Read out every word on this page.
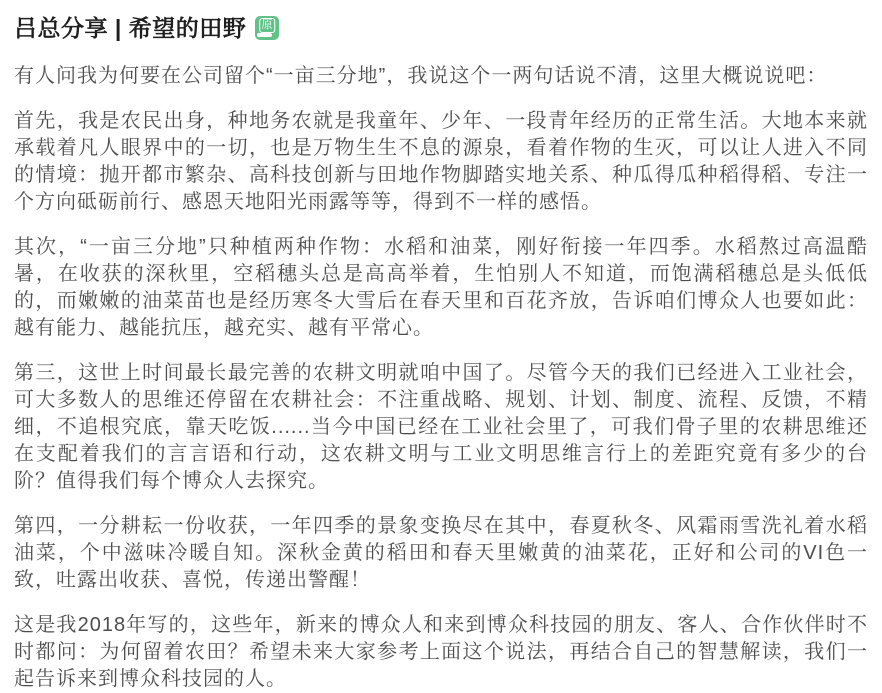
吕总分享 | 希望的田野 原

有人问我为何要在公司留个“一亩三分地”，我说这个一两句话说不清，这里大概说说吧：

首先，我是农民出身，种地务农就是我童年、少年、一段青年经历的正常生活。大地本来就承载着凡人眼界中的一切，也是万物生生不息的源泉，看着作物的生灭，可以让人进入不同的情境：抛开都市繁杂、高科技创新与田地作物脚踏实地关系、种瓜得瓜种稻得稻、专注一个方向砥砺前行、感恩天地阳光雨露等等，得到不一样的感悟。

其次，“一亩三分地”只种植两种作物：水稻和油菜，刚好衔接一年四季。水稻熬过高温酷暑，在收获的深秋里，空稻穗头总是高高举着，生怕别人不知道，而饱满稻穗总是头低低的，而嫩嫩的油菜苗也是经历寒冬大雪后在春天里和百花齐放，告诉咱们博众人也要如此：越有能力、越能抗压，越充实、越有平常心。

第三，这世上时间最长最完善的农耕文明就咱中国了。尽管今天的我们已经进入工业社会，可大多数人的思维还停留在农耕社会：不注重战略、规划、计划、制度、流程、反馈，不精细，不追根究底，靠天吃饭......当今中国已经在工业社会里了，可我们骨子里的农耕思维还在支配着我们的言言语和行动，这农耕文明与工业文明思维言行上的差距究竟有多少的台阶？值得我们每个博众人去探究。

第四，一分耕耘一份收获，一年四季的景象变换尽在其中，春夏秋冬、风霜雨雪洗礼着水稻油菜，个中滋味冷暖自知。深秋金黄的稻田和春天里嫩黄的油菜花，正好和公司的VI色一致，吐露出收获、喜悦，传递出警醒！

这是我2018年写的，这些年，新来的博众人和来到博众科技园的朋友、客人、合作伙伴时不时都问：为何留着农田？希望未来大家参考上面这个说法，再结合自己的智慧解读，我们一起告诉来到博众科技园的人。
